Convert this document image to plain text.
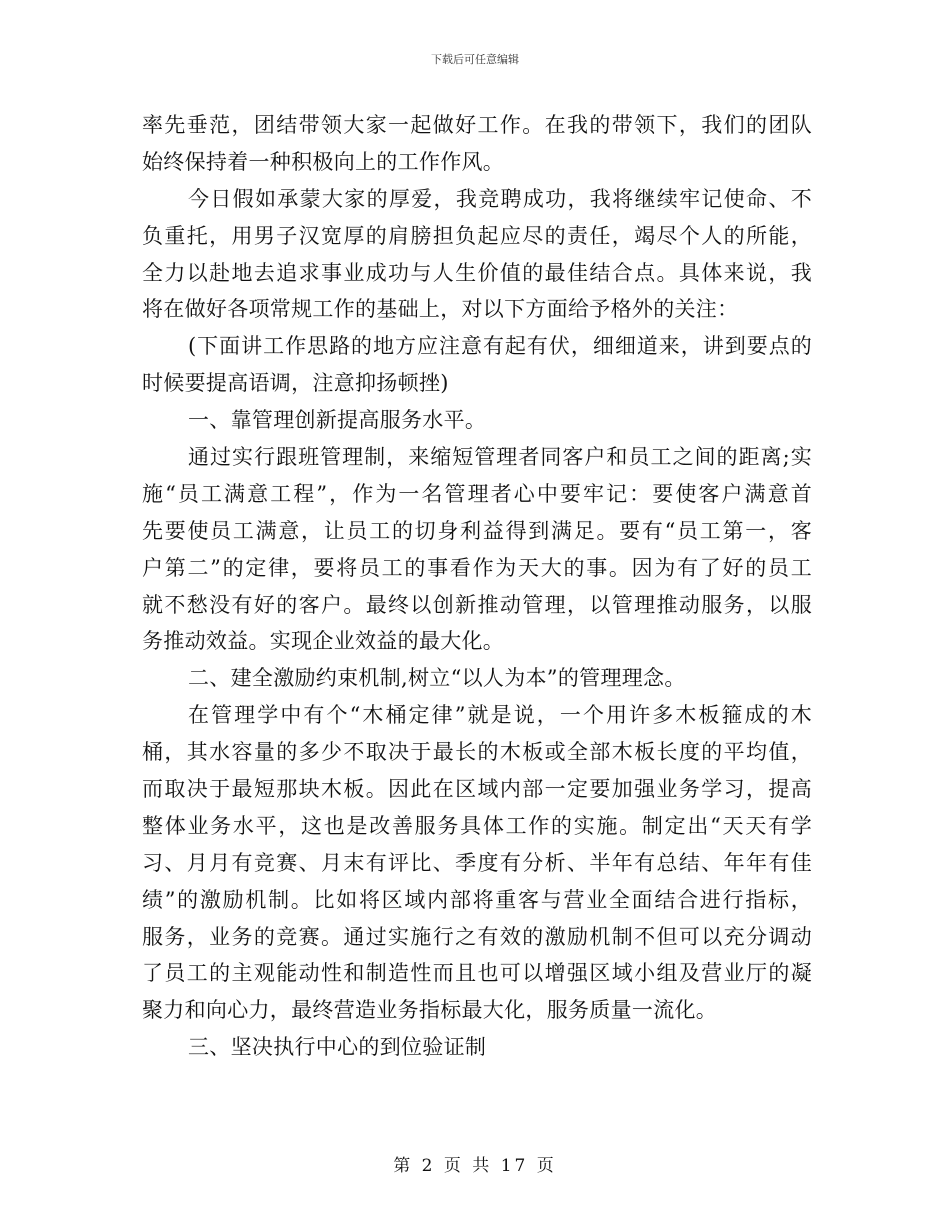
下载后可任意编辑
率先垂范，团结带领大家一起做好工作。在我的带领下，我们的团队
始终保持着一种积极向上的工作作风。
今日假如承蒙大家的厚爱，我竞聘成功，我将继续牢记使命、不
负重托，用男子汉宽厚的肩膀担负起应尽的责任，竭尽个人的所能，
全力以赴地去追求事业成功与人生价值的最佳结合点。具体来说，我
将在做好各项常规工作的基础上，对以下方面给予格外的关注：
(下面讲工作思路的地方应注意有起有伏，细细道来，讲到要点的
时候要提高语调，注意抑扬顿挫)
一、靠管理创新提高服务水平。
通过实行跟班管理制，来缩短管理者同客户和员工之间的距离;实
施“员工满意工程”，作为一名管理者心中要牢记：要使客户满意首
先要使员工满意，让员工的切身利益得到满足。要有“员工第一，客
户第二”的定律，要将员工的事看作为天大的事。因为有了好的员工
就不愁没有好的客户。最终以创新推动管理，以管理推动服务，以服
务推动效益。实现企业效益的最大化。
二、建全激励约束机制,树立“以人为本”的管理理念。
在管理学中有个“木桶定律”就是说，一个用许多木板箍成的木
桶，其水容量的多少不取决于最长的木板或全部木板长度的平均值，
而取决于最短那块木板。因此在区域内部一定要加强业务学习，提高
整体业务水平，这也是改善服务具体工作的实施。制定出“天天有学
习、月月有竞赛、月末有评比、季度有分析、半年有总结、年年有佳
绩”的激励机制。比如将区域内部将重客与营业全面结合进行指标，
服务，业务的竞赛。通过实施行之有效的激励机制不但可以充分调动
了员工的主观能动性和制造性而且也可以增强区域小组及营业厅的凝
聚力和向心力，最终营造业务指标最大化，服务质量一流化。
三、坚决执行中心的到位验证制
第 2 页 共 17 页
